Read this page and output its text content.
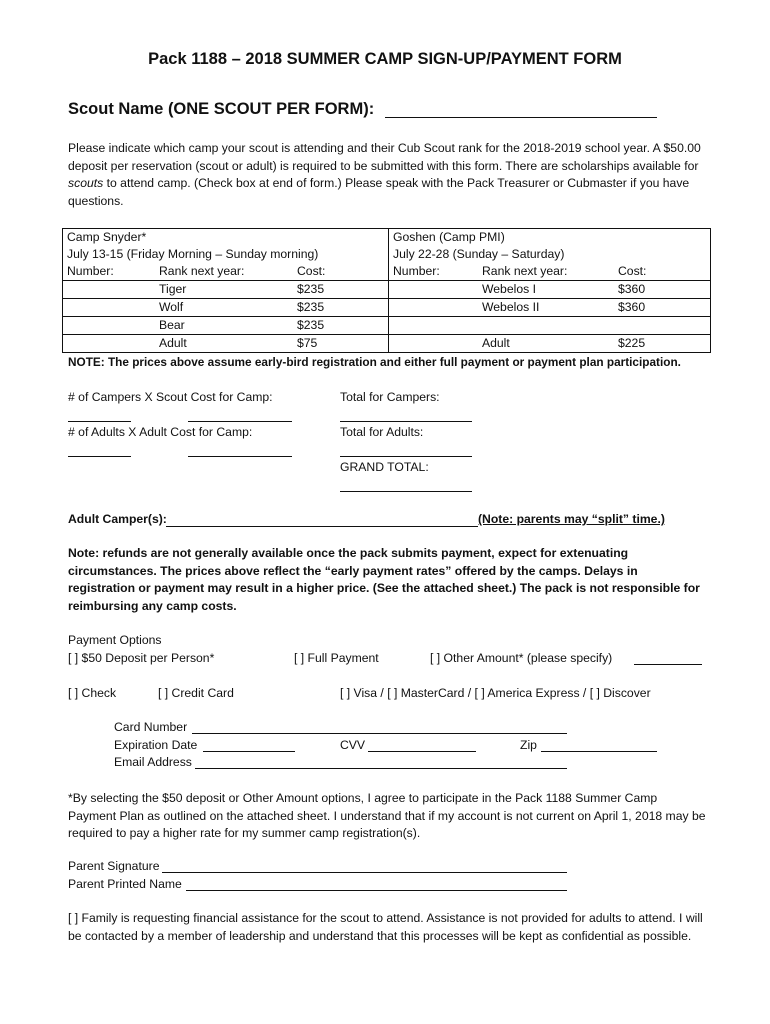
Pack 1188 – 2018 SUMMER CAMP SIGN-UP/PAYMENT FORM
Scout Name (ONE SCOUT PER FORM):
Please indicate which camp your scout is attending and their Cub Scout rank for the 2018-2019 school year. A $50.00 deposit per reservation (scout or adult) is required to be submitted with this form. There are scholarships available for scouts to attend camp. (Check box at end of form.) Please speak with the Pack Treasurer or Cubmaster if you have questions.
Camp Snyder*	Goshen (Camp PMI)

July 13-15 (Friday Morning – Sunday morning)	July 22-28 (Sunday – Saturday)

Number: Rank next year: Cost:	Number: Rank next year: Cost:

Tiger $235	Webelos I $360

Wolf $235	Webelos II $360

Bear $235	

Adult $75	Adult $225
NOTE: The prices above assume early-bird registration and either full payment or payment plan participation.
# of Campers X Scout Cost for Camp:	Total for Campers:
# of Adults X Adult Cost for Camp:	Total for Adults:
GRAND TOTAL:
Adult Camper(s):	(Note: parents may “split” time.)
Note: refunds are not generally available once the pack submits payment, expect for extenuating circumstances. The prices above reflect the “early payment rates” offered by the camps. Delays in registration or payment may result in a higher price. (See the attached sheet.) The pack is not responsible for reimbursing any camp costs.
Payment Options
[ ] $50 Deposit per Person*	[ ] Full Payment	[ ] Other Amount* (please specify)
[ ] Check	[ ] Credit Card	[ ] Visa / [ ] MasterCard / [ ] America Express / [ ] Discover
Card Number
Expiration Date	CVV	Zip
Email Address
*By selecting the $50 deposit or Other Amount options, I agree to participate in the Pack 1188 Summer Camp Payment Plan as outlined on the attached sheet. I understand that if my account is not current on April 1, 2018 may be required to pay a higher rate for my summer camp registration(s).
Parent Signature
Parent Printed Name
[ ] Family is requesting financial assistance for the scout to attend. Assistance is not provided for adults to attend. I will be contacted by a member of leadership and understand that this processes will be kept as confidential as possible.
